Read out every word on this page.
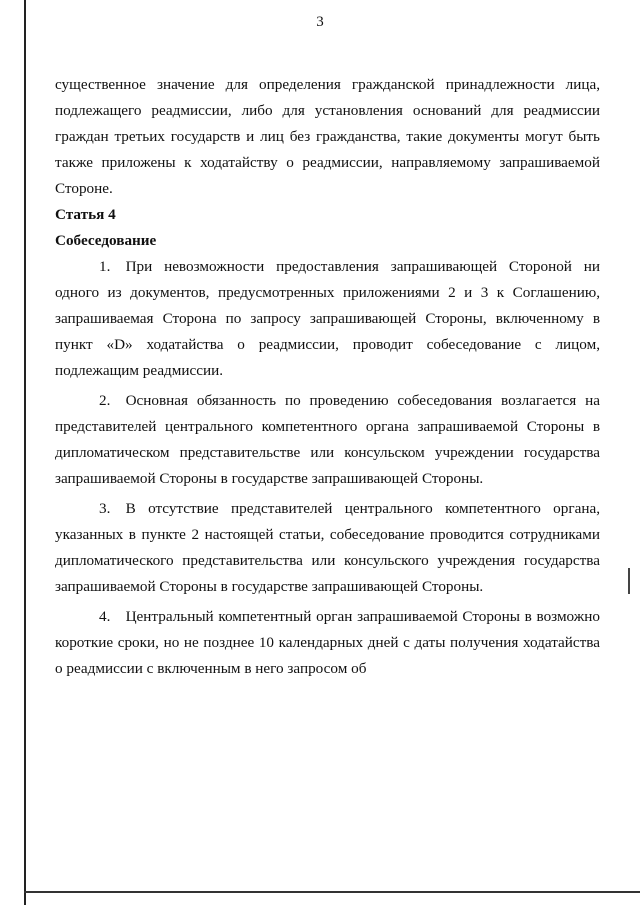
3

существенное значение для определения гражданской принадлежности лица, подлежащего реадмиссии, либо для установления оснований для реадмиссии граждан третьих государств и лиц без гражданства, такие документы могут быть также приложены к ходатайству о реадмиссии, направляемому запрашиваемой Стороне.

Статья 4

Собеседование

1. При невозможности предоставления запрашивающей Стороной ни одного из документов, предусмотренных приложениями 2 и 3 к Соглашению, запрашиваемая Сторона по запросу запрашивающей Стороны, включенному в пункт «D» ходатайства о реадмиссии, проводит собеседование с лицом, подлежащим реадмиссии.

2. Основная обязанность по проведению собеседования возлагается на представителей центрального компетентного органа запрашиваемой Стороны в дипломатическом представительстве или консульском учреждении государства запрашиваемой Стороны в государстве запрашивающей Стороны.

3. В отсутствие представителей центрального компетентного органа, указанных в пункте 2 настоящей статьи, собеседование проводится сотрудниками дипломатического представительства или консульского учреждения государства запрашиваемой Стороны в государстве запрашивающей Стороны.

4. Центральный компетентный орган запрашиваемой Стороны в возможно короткие сроки, но не позднее 10 календарных дней с даты получения ходатайства о реадмиссии с включенным в него запросом об
